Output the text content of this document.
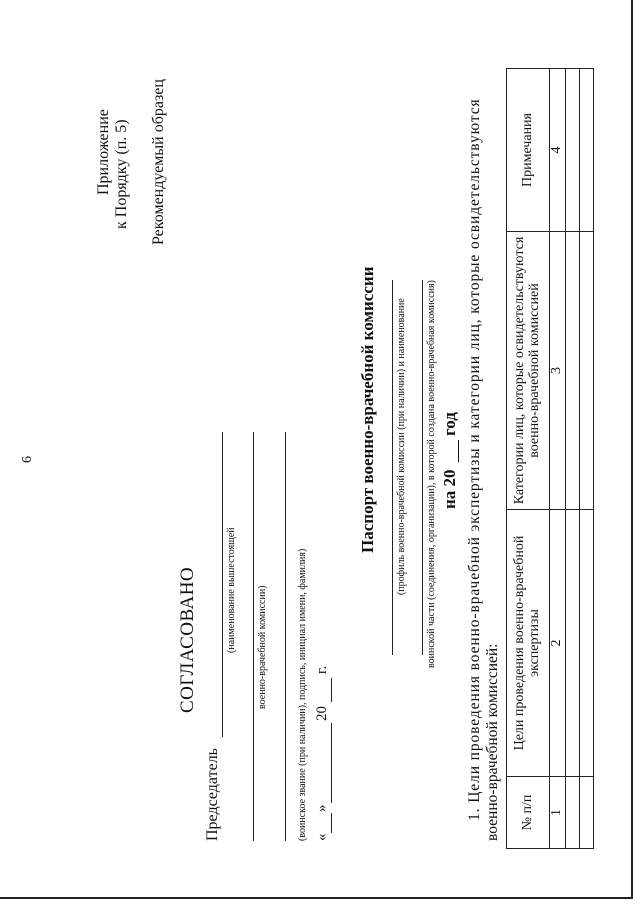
6
Приложение к Порядку (п. 5) Рекомендуемый образец
СОГЛАСОВАНО
Председатель
(наименование вышестоящей военно-врачебной комиссии)	(воинское звание (при наличии), подпись, инициал имени, фамилия) «
»
20
г.
Паспорт военно-врачебной комиссии (профиль военно-врачебной комиссии (при наличии) и наименование воинской части (соединения, организации), в которой создана военно-врачебная комиссия) на 20
год 1. Цели проведения военно-врачебной экспертизы и категории лиц, которые освидетельствуются военно-врачебной комиссией: № п/п	Цели проведения военно-врачебной экспертизы	Категории лиц, которые освидетельствуются военно-врачебной комиссией	Примечания
1	2	3	4
